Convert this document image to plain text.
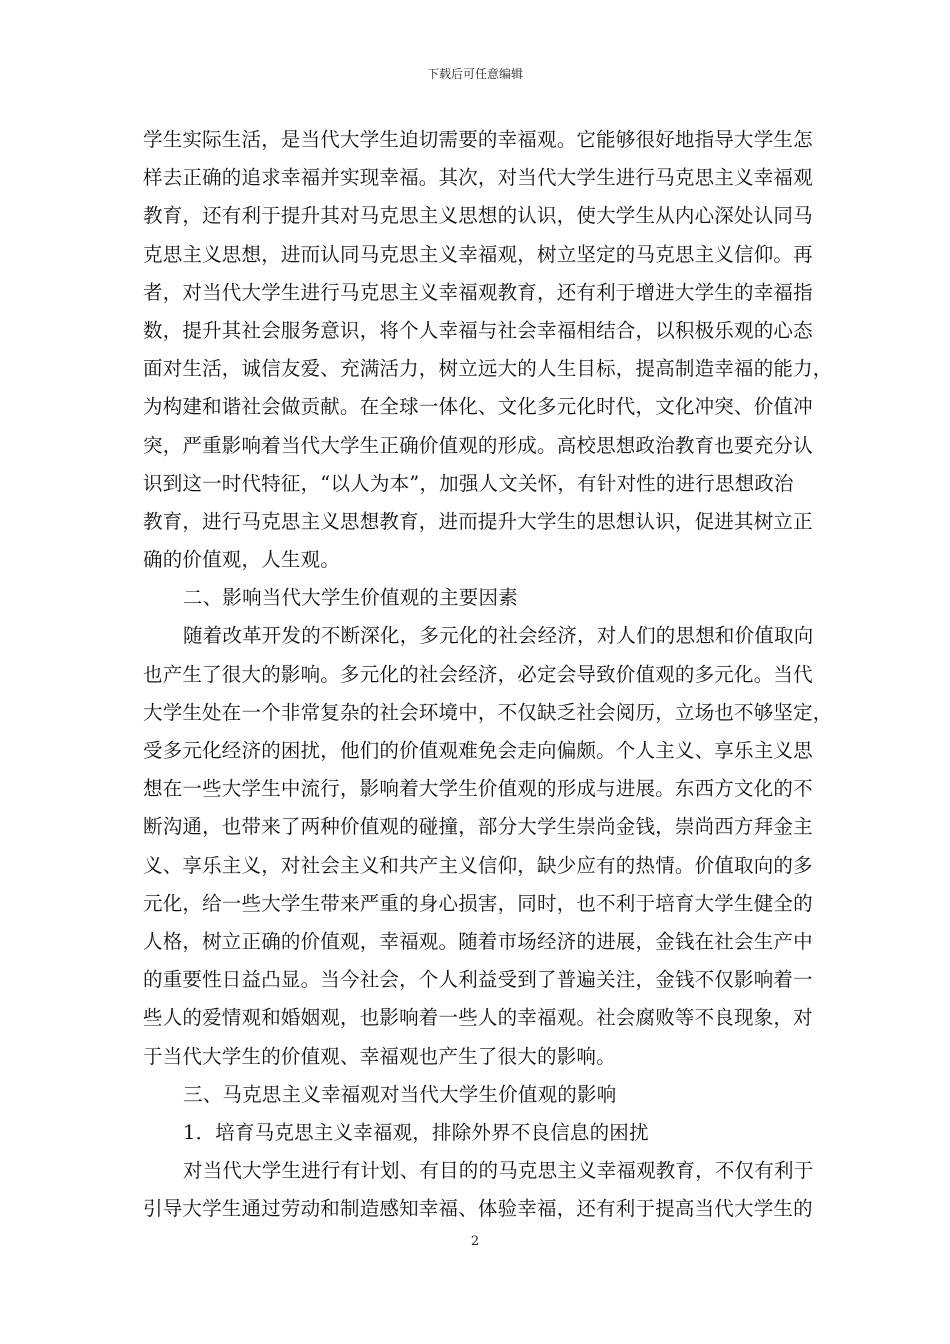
下载后可任意编辑

学生实际生活，是当代大学生迫切需要的幸福观。它能够很好地指导大学生怎
样去正确的追求幸福并实现幸福。其次，对当代大学生进行马克思主义幸福观
教育，还有利于提升其对马克思主义思想的认识，使大学生从内心深处认同马
克思主义思想，进而认同马克思主义幸福观，树立坚定的马克思主义信仰。再
者，对当代大学生进行马克思主义幸福观教育，还有利于增进大学生的幸福指
数，提升其社会服务意识，将个人幸福与社会幸福相结合，以积极乐观的心态
面对生活，诚信友爱、充满活力，树立远大的人生目标，提高制造幸福的能力，
为构建和谐社会做贡献。在全球一体化、文化多元化时代，文化冲突、价值冲
突，严重影响着当代大学生正确价值观的形成。高校思想政治教育也要充分认
识到这一时代特征，“以人为本”，加强人文关怀，有针对性的进行思想政治
教育，进行马克思主义思想教育，进而提升大学生的思想认识，促进其树立正
确的价值观，人生观。

二、影响当代大学生价值观的主要因素

随着改革开发的不断深化，多元化的社会经济，对人们的思想和价值取向
也产生了很大的影响。多元化的社会经济，必定会导致价值观的多元化。当代
大学生处在一个非常复杂的社会环境中，不仅缺乏社会阅历，立场也不够坚定，
受多元化经济的困扰，他们的价值观难免会走向偏颇。个人主义、享乐主义思
想在一些大学生中流行，影响着大学生价值观的形成与进展。东西方文化的不
断沟通，也带来了两种价值观的碰撞，部分大学生崇尚金钱，崇尚西方拜金主
义、享乐主义，对社会主义和共产主义信仰，缺少应有的热情。价值取向的多
元化，给一些大学生带来严重的身心损害，同时，也不利于培育大学生健全的
人格，树立正确的价值观，幸福观。随着市场经济的进展，金钱在社会生产中
的重要性日益凸显。当今社会，个人利益受到了普遍关注，金钱不仅影响着一
些人的爱情观和婚姻观，也影响着一些人的幸福观。社会腐败等不良现象，对
于当代大学生的价值观、幸福观也产生了很大的影响。

三、马克思主义幸福观对当代大学生价值观的影响

1．培育马克思主义幸福观，排除外界不良信息的困扰

对当代大学生进行有计划、有目的的马克思主义幸福观教育，不仅有利于
引导大学生通过劳动和制造感知幸福、体验幸福，还有利于提高当代大学生的

2
